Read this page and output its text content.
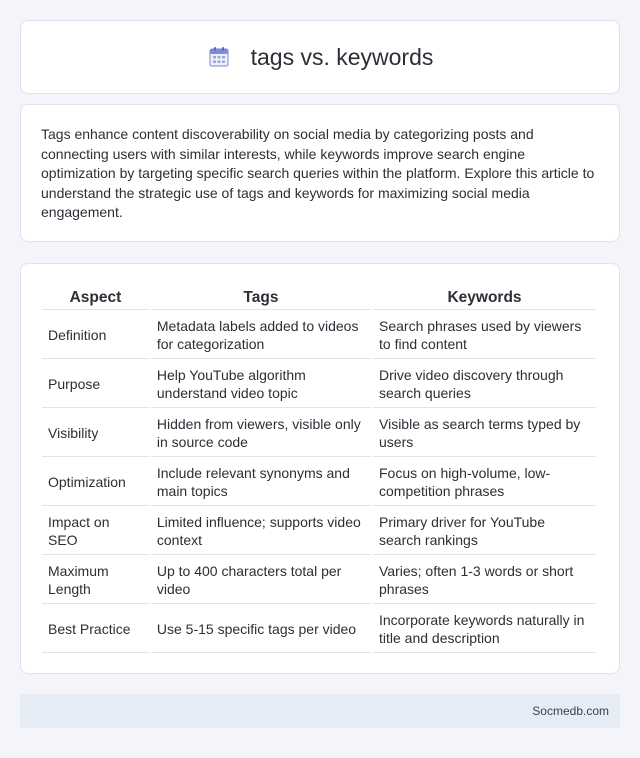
tags vs. keywords

Tags enhance content discoverability on social media by categorizing posts and connecting users with similar interests, while keywords improve search engine optimization by targeting specific search queries within the platform. Explore this article to understand the strategic use of tags and keywords for maximizing social media engagement.

Aspect	Tags	Keywords
Definition	Metadata labels added to videos for categorization	Search phrases used by viewers to find content
Purpose	Help YouTube algorithm understand video topic	Drive video discovery through search queries
Visibility	Hidden from viewers, visible only in source code	Visible as search terms typed by users
Optimization	Include relevant synonyms and main topics	Focus on high-volume, low-competition phrases
Impact on SEO	Limited influence; supports video context	Primary driver for YouTube search rankings
Maximum Length	Up to 400 characters total per video	Varies; often 1-3 words or short phrases
Best Practice	Use 5-15 specific tags per video	Incorporate keywords naturally in title and description
Socmedb.com
